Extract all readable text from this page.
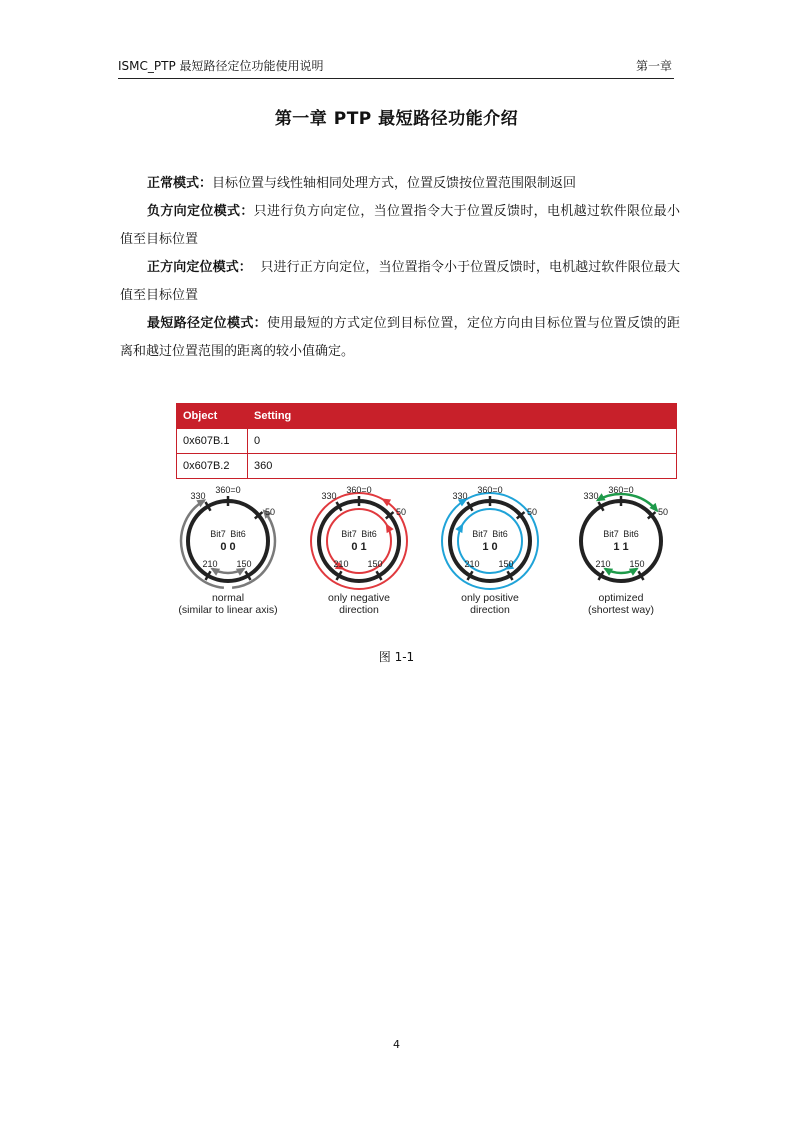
ISMC_PTP 最短路径定位功能使用说明	第一章
第一章 PTP 最短路径功能介绍

正常模式：目标位置与线性轴相同处理方式，位置反馈按位置范围限制返回

负方向定位模式：只进行负方向定位，当位置指令大于位置反馈时，电机越过软件限位最小值至目标位置

正方向定位模式：  只进行正方向定位，当位置指令小于位置反馈时，电机越过软件限位最大值至目标位置

最短路径定位模式：使用最短的方式定位到目标位置，定位方向由目标位置与位置反馈的距离和越过位置范围的距离的较小值确定。

Object	Setting
0x607B.1	0
0x607B.2	360
360=0
330
50
210 150
Bit7 Bit6
0 0
normal
(similar to linear axis)
360=0
330
50
210 150
Bit7 Bit6
0 1
only negative
direction
360=0
330
50
210 150
Bit7 Bit6
1 0
only positive
direction
360=0
330
50
210 150
Bit7 Bit6
1 1
optimized
(shortest way)
图 1-1
4
